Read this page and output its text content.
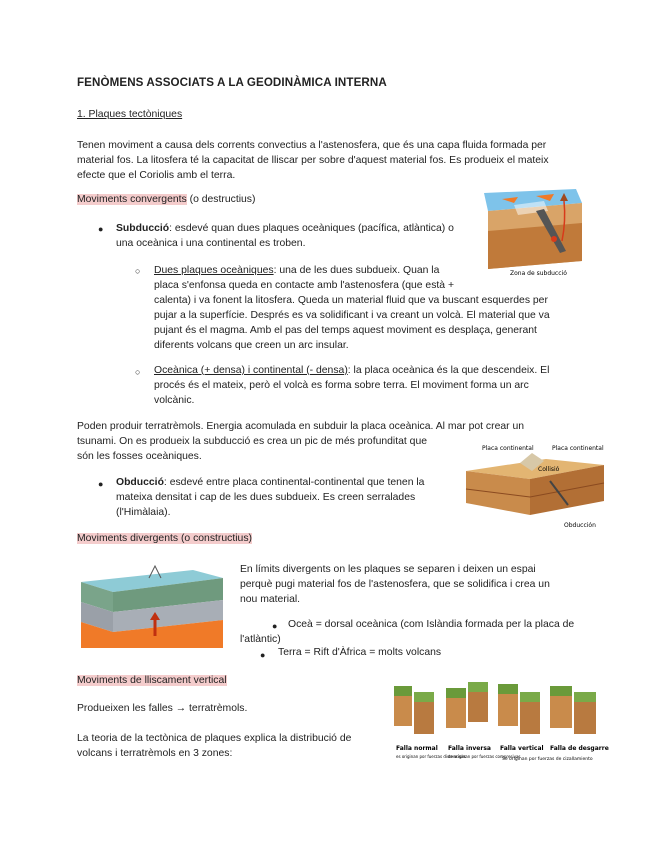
FENÒMENS ASSOCIATS A LA GEODINÀMICA INTERNA
1. Plaques tectòniques
Tenen moviment a causa dels corrents convectius a l'astenosfera, que és una capa fluida formada per
material fos. La litosfera té la capacitat de lliscar per sobre d'aquest material fos. Es produeix el mateix
efecte que el Coriolis amb el terra.
Moviments convergents (o destructius)
● Subducció: esdevé quan dues plaques oceàniques (pacífica, atlàntica) o
una oceànica i una continental es troben.
○ Dues plaques oceàniques: una de les dues subdueix. Quan la
placa s'enfonsa queda en contacte amb l'astenosfera (que està +
calenta) i va fonent la litosfera. Queda un material fluid que va buscant esquerdes per
pujar a la superfície. Després es va solidificant i va creant un volcà. El material que va
pujant és el magma. Amb el pas del temps aquest moviment es desplaça, generant
diferents volcans que creen un arc insular.
○ Oceànica (+ densa) i continental (- densa): la placa oceànica és la que descendeix. El
procés és el mateix, però el volcà es forma sobre terra. El moviment forma un arc
volcànic.
Poden produir terratrèmols. Energia acomulada en subduir la placa oceànica. Al mar pot crear un
tsunami. On es produeix la subducció es crea un pic de més profunditat que
són les fosses oceàniques.
● Obducció: esdevé entre placa continental-continental que tenen la
mateixa densitat i cap de les dues subdueix. Es creen serralades
(l'Himàlaia).
Moviments divergents (o constructius)
En límits divergents on les plaques se separen i deixen un espai
perquè pugi material fos de l'astenosfera, que se solidifica i crea un
nou material.
●	Oceà = dorsal oceànica (com Islàndia formada per la placa de
l'atlàntic)
● Terra = Rift d'Àfrica = molts volcans
Moviments de lliscament vertical
Produeixen les falles → terratrèmols.
La teoria de la tectònica de plaques explica la distribució de
volcans i terratrèmols en 3 zones:
Zona de subducció
Placa continental	Placa continental
Collisió
Obducción
Falla normal Falla inversa Falla vertical Falla de desgarre
es originan por fuerzas distensivas
se originan por fuerzas compresivas
Se originan por fuerzas de cizallamiento
